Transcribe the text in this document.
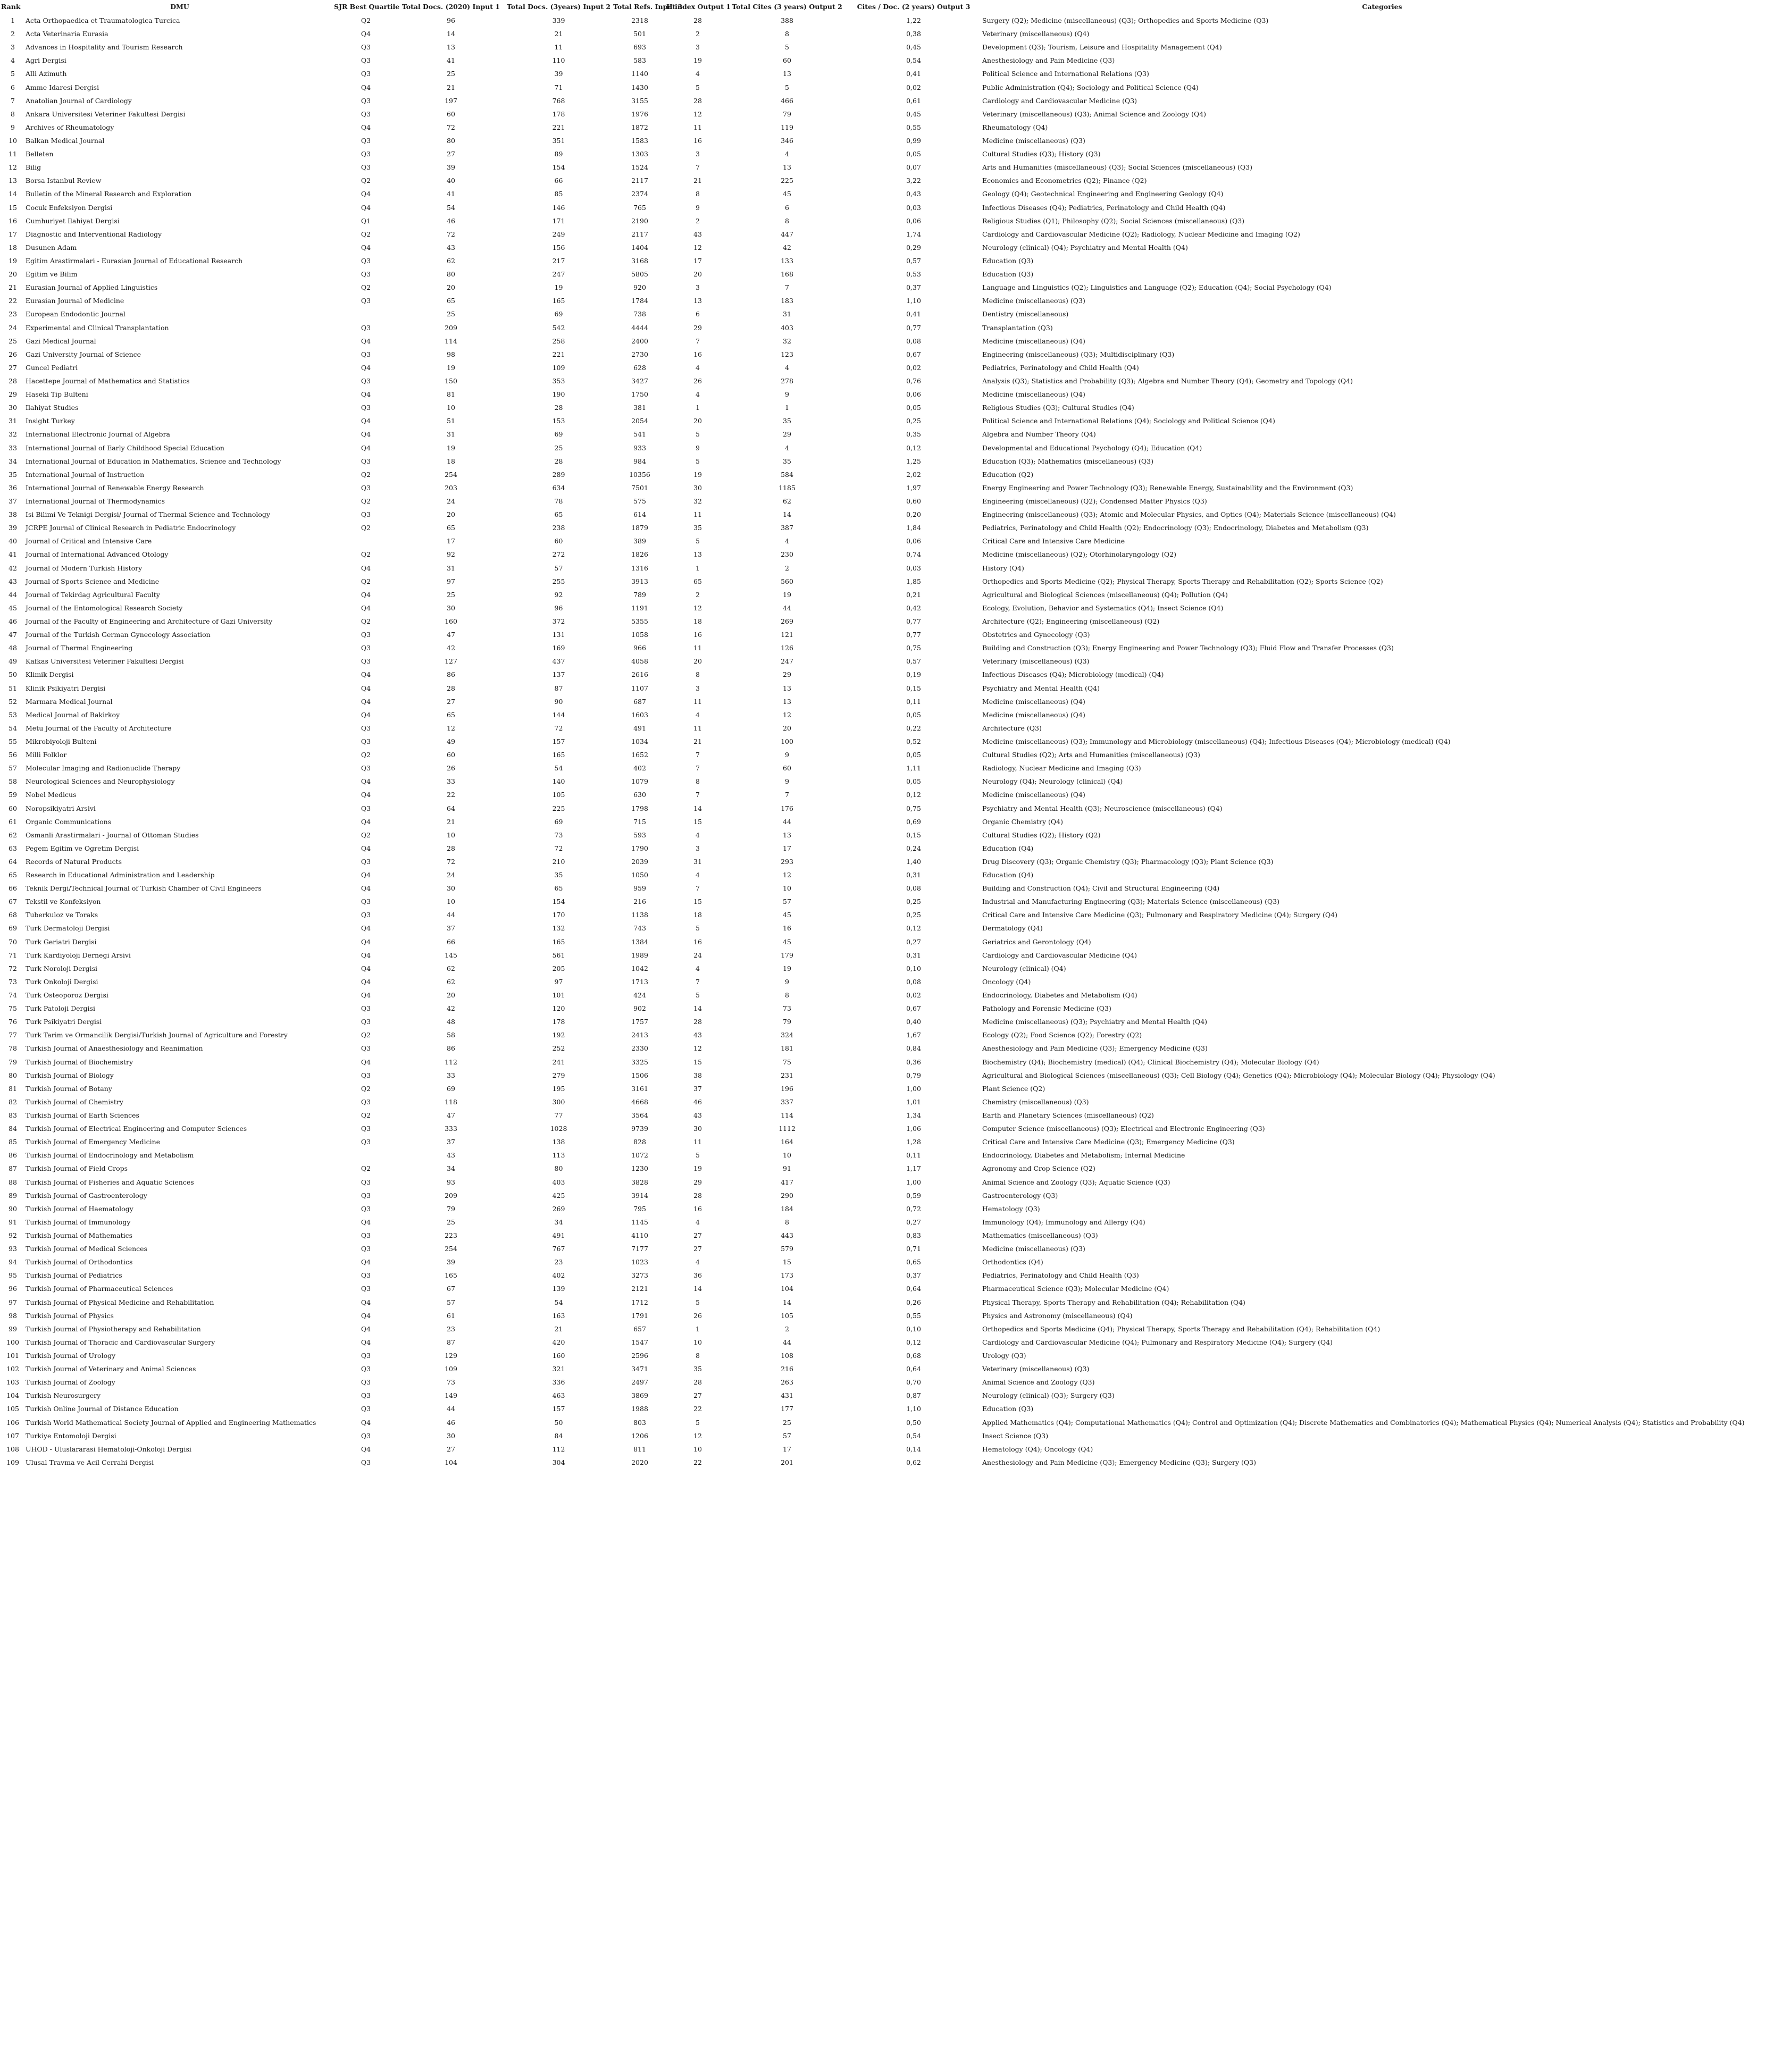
Rank	DMU	SJR Best Quartile	Total Docs. (2020) Input 1	Total Docs. (3years) Input 2	Total Refs. Input 3	H index Output 1	Total Cites (3 years) Output 2	Cites / Doc. (2 years) Output 3	Categories
1	Acta Orthopaedica et Traumatologica Turcica	Q2	96	339	2318	28	388	1,22	Surgery (Q2); Medicine (miscellaneous) (Q3); Orthopedics and Sports Medicine (Q3)
2	Acta Veterinaria Eurasia	Q4	14	21	501	2	8	0,38	Veterinary (miscellaneous) (Q4)
3	Advances in Hospitality and Tourism Research	Q3	13	11	693	3	5	0,45	Development (Q3); Tourism, Leisure and Hospitality Management (Q4)
4	Agri Dergisi	Q3	41	110	583	19	60	0,54	Anesthesiology and Pain Medicine (Q3)
5	Alli Azimuth	Q3	25	39	1140	4	13	0,41	Political Science and International Relations (Q3)
6	Amme Idaresi Dergisi	Q4	21	71	1430	5	5	0,02	Public Administration (Q4); Sociology and Political Science (Q4)
7	Anatolian Journal of Cardiology	Q3	197	768	3155	28	466	0,61	Cardiology and Cardiovascular Medicine (Q3)
8	Ankara Universitesi Veteriner Fakultesi Dergisi	Q3	60	178	1976	12	79	0,45	Veterinary (miscellaneous) (Q3); Animal Science and Zoology (Q4)
9	Archives of Rheumatology	Q4	72	221	1872	11	119	0,55	Rheumatology (Q4)
10	Balkan Medical Journal	Q3	80	351	1583	16	346	0,99	Medicine (miscellaneous) (Q3)
11	Belleten	Q3	27	89	1303	3	4	0,05	Cultural Studies (Q3); History (Q3)
12	Bilig	Q3	39	154	1524	7	13	0,07	Arts and Humanities (miscellaneous) (Q3); Social Sciences (miscellaneous) (Q3)
13	Borsa Istanbul Review	Q2	40	66	2117	21	225	3,22	Economics and Econometrics (Q2); Finance (Q2)
14	Bulletin of the Mineral Research and Exploration	Q4	41	85	2374	8	45	0,43	Geology (Q4); Geotechnical Engineering and Engineering Geology (Q4)
15	Cocuk Enfeksiyon Dergisi	Q4	54	146	765	9	6	0,03	Infectious Diseases (Q4); Pediatrics, Perinatology and Child Health (Q4)
16	Cumhuriyet Ilahiyat Dergisi	Q1	46	171	2190	2	8	0,06	Religious Studies (Q1); Philosophy (Q2); Social Sciences (miscellaneous) (Q3)
17	Diagnostic and Interventional Radiology	Q2	72	249	2117	43	447	1,74	Cardiology and Cardiovascular Medicine (Q2); Radiology, Nuclear Medicine and Imaging (Q2)
18	Dusunen Adam	Q4	43	156	1404	12	42	0,29	Neurology (clinical) (Q4); Psychiatry and Mental Health (Q4)
19	Egitim Arastirmalari - Eurasian Journal of Educational Research	Q3	62	217	3168	17	133	0,57	Education (Q3)
20	Egitim ve Bilim	Q3	80	247	5805	20	168	0,53	Education (Q3)
21	Eurasian Journal of Applied Linguistics	Q2	20	19	920	3	7	0,37	Language and Linguistics (Q2); Linguistics and Language (Q2); Education (Q4); Social Psychology (Q4)
22	Eurasian Journal of Medicine	Q3	65	165	1784	13	183	1,10	Medicine (miscellaneous) (Q3)
23	European Endodontic Journal		25	69	738	6	31	0,41	Dentistry (miscellaneous)
24	Experimental and Clinical Transplantation	Q3	209	542	4444	29	403	0,77	Transplantation (Q3)
25	Gazi Medical Journal	Q4	114	258	2400	7	32	0,08	Medicine (miscellaneous) (Q4)
26	Gazi University Journal of Science	Q3	98	221	2730	16	123	0,67	Engineering (miscellaneous) (Q3); Multidisciplinary (Q3)
27	Guncel Pediatri	Q4	19	109	628	4	4	0,02	Pediatrics, Perinatology and Child Health (Q4)
28	Hacettepe Journal of Mathematics and Statistics	Q3	150	353	3427	26	278	0,76	Analysis (Q3); Statistics and Probability (Q3); Algebra and Number Theory (Q4); Geometry and Topology (Q4)
29	Haseki Tip Bulteni	Q4	81	190	1750	4	9	0,06	Medicine (miscellaneous) (Q4)
30	Ilahiyat Studies	Q3	10	28	381	1	1	0,05	Religious Studies (Q3); Cultural Studies (Q4)
31	Insight Turkey	Q4	51	153	2054	20	35	0,25	Political Science and International Relations (Q4); Sociology and Political Science (Q4)
32	International Electronic Journal of Algebra	Q4	31	69	541	5	29	0,35	Algebra and Number Theory (Q4)
33	International Journal of Early Childhood Special Education	Q4	19	25	933	9	4	0,12	Developmental and Educational Psychology (Q4); Education (Q4)
34	International Journal of Education in Mathematics, Science and Technology	Q3	18	28	984	5	35	1,25	Education (Q3); Mathematics (miscellaneous) (Q3)
35	International Journal of Instruction	Q2	254	289	10356	19	584	2,02	Education (Q2)
36	International Journal of Renewable Energy Research	Q3	203	634	7501	30	1185	1,97	Energy Engineering and Power Technology (Q3); Renewable Energy, Sustainability and the Environment (Q3)
37	International Journal of Thermodynamics	Q2	24	78	575	32	62	0,60	Engineering (miscellaneous) (Q2); Condensed Matter Physics (Q3)
38	Isi Bilimi Ve Teknigi Dergisi/ Journal of Thermal Science and Technology	Q3	20	65	614	11	14	0,20	Engineering (miscellaneous) (Q3); Atomic and Molecular Physics, and Optics (Q4); Materials Science (miscellaneous) (Q4)
39	JCRPE Journal of Clinical Research in Pediatric Endocrinology	Q2	65	238	1879	35	387	1,84	Pediatrics, Perinatology and Child Health (Q2); Endocrinology (Q3); Endocrinology, Diabetes and Metabolism (Q3)
40	Journal of Critical and Intensive Care		17	60	389	5	4	0,06	Critical Care and Intensive Care Medicine
41	Journal of International Advanced Otology	Q2	92	272	1826	13	230	0,74	Medicine (miscellaneous) (Q2); Otorhinolaryngology (Q2)
42	Journal of Modern Turkish History	Q4	31	57	1316	1	2	0,03	History (Q4)
43	Journal of Sports Science and Medicine	Q2	97	255	3913	65	560	1,85	Orthopedics and Sports Medicine (Q2); Physical Therapy, Sports Therapy and Rehabilitation (Q2); Sports Science (Q2)
44	Journal of Tekirdag Agricultural Faculty	Q4	25	92	789	2	19	0,21	Agricultural and Biological Sciences (miscellaneous) (Q4); Pollution (Q4)
45	Journal of the Entomological Research Society	Q4	30	96	1191	12	44	0,42	Ecology, Evolution, Behavior and Systematics (Q4); Insect Science (Q4)
46	Journal of the Faculty of Engineering and Architecture of Gazi University	Q2	160	372	5355	18	269	0,77	Architecture (Q2); Engineering (miscellaneous) (Q2)
47	Journal of the Turkish German Gynecology Association	Q3	47	131	1058	16	121	0,77	Obstetrics and Gynecology (Q3)
48	Journal of Thermal Engineering	Q3	42	169	966	11	126	0,75	Building and Construction (Q3); Energy Engineering and Power Technology (Q3); Fluid Flow and Transfer Processes (Q3)
49	Kafkas Universitesi Veteriner Fakultesi Dergisi	Q3	127	437	4058	20	247	0,57	Veterinary (miscellaneous) (Q3)
50	Klimik Dergisi	Q4	86	137	2616	8	29	0,19	Infectious Diseases (Q4); Microbiology (medical) (Q4)
51	Klinik Psikiyatri Dergisi	Q4	28	87	1107	3	13	0,15	Psychiatry and Mental Health (Q4)
52	Marmara Medical Journal	Q4	27	90	687	11	13	0,11	Medicine (miscellaneous) (Q4)
53	Medical Journal of Bakirkoy	Q4	65	144	1603	4	12	0,05	Medicine (miscellaneous) (Q4)
54	Metu Journal of the Faculty of Architecture	Q3	12	72	491	11	20	0,22	Architecture (Q3)
55	Mikrobiyoloji Bulteni	Q3	49	157	1034	21	100	0,52	Medicine (miscellaneous) (Q3); Immunology and Microbiology (miscellaneous) (Q4); Infectious Diseases (Q4); Microbiology (medical) (Q4)
56	Milli Folklor	Q2	60	165	1652	7	9	0,05	Cultural Studies (Q2); Arts and Humanities (miscellaneous) (Q3)
57	Molecular Imaging and Radionuclide Therapy	Q3	26	54	402	7	60	1,11	Radiology, Nuclear Medicine and Imaging (Q3)
58	Neurological Sciences and Neurophysiology	Q4	33	140	1079	8	9	0,05	Neurology (Q4); Neurology (clinical) (Q4)
59	Nobel Medicus	Q4	22	105	630	7	7	0,12	Medicine (miscellaneous) (Q4)
60	Noropsikiyatri Arsivi	Q3	64	225	1798	14	176	0,75	Psychiatry and Mental Health (Q3); Neuroscience (miscellaneous) (Q4)
61	Organic Communications	Q4	21	69	715	15	44	0,69	Organic Chemistry (Q4)
62	Osmanli Arastirmalari - Journal of Ottoman Studies	Q2	10	73	593	4	13	0,15	Cultural Studies (Q2); History (Q2)
63	Pegem Egitim ve Ogretim Dergisi	Q4	28	72	1790	3	17	0,24	Education (Q4)
64	Records of Natural Products	Q3	72	210	2039	31	293	1,40	Drug Discovery (Q3); Organic Chemistry (Q3); Pharmacology (Q3); Plant Science (Q3)
65	Research in Educational Administration and Leadership	Q4	24	35	1050	4	12	0,31	Education (Q4)
66	Teknik Dergi/Technical Journal of Turkish Chamber of Civil Engineers	Q4	30	65	959	7	10	0,08	Building and Construction (Q4); Civil and Structural Engineering (Q4)
67	Tekstil ve Konfeksiyon	Q3	10	154	216	15	57	0,25	Industrial and Manufacturing Engineering (Q3); Materials Science (miscellaneous) (Q3)
68	Tuberkuloz ve Toraks	Q3	44	170	1138	18	45	0,25	Critical Care and Intensive Care Medicine (Q3); Pulmonary and Respiratory Medicine (Q4); Surgery (Q4)
69	Turk Dermatoloji Dergisi	Q4	37	132	743	5	16	0,12	Dermatology (Q4)
70	Turk Geriatri Dergisi	Q4	66	165	1384	16	45	0,27	Geriatrics and Gerontology (Q4)
71	Turk Kardiyoloji Dernegi Arsivi	Q4	145	561	1989	24	179	0,31	Cardiology and Cardiovascular Medicine (Q4)
72	Turk Noroloji Dergisi	Q4	62	205	1042	4	19	0,10	Neurology (clinical) (Q4)
73	Turk Onkoloji Dergisi	Q4	62	97	1713	7	9	0,08	Oncology (Q4)
74	Turk Osteoporoz Dergisi	Q4	20	101	424	5	8	0,02	Endocrinology, Diabetes and Metabolism (Q4)
75	Turk Patoloji Dergisi	Q3	42	120	902	14	73	0,67	Pathology and Forensic Medicine (Q3)
76	Turk Psikiyatri Dergisi	Q3	48	178	1757	28	79	0,40	Medicine (miscellaneous) (Q3); Psychiatry and Mental Health (Q4)
77	Turk Tarim ve Ormancilik Dergisi/Turkish Journal of Agriculture and Forestry	Q2	58	192	2413	43	324	1,67	Ecology (Q2); Food Science (Q2); Forestry (Q2)
78	Turkish Journal of Anaesthesiology and Reanimation	Q3	86	252	2330	12	181	0,84	Anesthesiology and Pain Medicine (Q3); Emergency Medicine (Q3)
79	Turkish Journal of Biochemistry	Q4	112	241	3325	15	75	0,36	Biochemistry (Q4); Biochemistry (medical) (Q4); Clinical Biochemistry (Q4); Molecular Biology (Q4)
80	Turkish Journal of Biology	Q3	33	279	1506	38	231	0,79	Agricultural and Biological Sciences (miscellaneous) (Q3); Cell Biology (Q4); Genetics (Q4); Microbiology (Q4); Molecular Biology (Q4); Physiology (Q4)
81	Turkish Journal of Botany	Q2	69	195	3161	37	196	1,00	Plant Science (Q2)
82	Turkish Journal of Chemistry	Q3	118	300	4668	46	337	1,01	Chemistry (miscellaneous) (Q3)
83	Turkish Journal of Earth Sciences	Q2	47	77	3564	43	114	1,34	Earth and Planetary Sciences (miscellaneous) (Q2)
84	Turkish Journal of Electrical Engineering and Computer Sciences	Q3	333	1028	9739	30	1112	1,06	Computer Science (miscellaneous) (Q3); Electrical and Electronic Engineering (Q3)
85	Turkish Journal of Emergency Medicine	Q3	37	138	828	11	164	1,28	Critical Care and Intensive Care Medicine (Q3); Emergency Medicine (Q3)
86	Turkish Journal of Endocrinology and Metabolism		43	113	1072	5	10	0,11	Endocrinology, Diabetes and Metabolism; Internal Medicine
87	Turkish Journal of Field Crops	Q2	34	80	1230	19	91	1,17	Agronomy and Crop Science (Q2)
88	Turkish Journal of Fisheries and Aquatic Sciences	Q3	93	403	3828	29	417	1,00	Animal Science and Zoology (Q3); Aquatic Science (Q3)
89	Turkish Journal of Gastroenterology	Q3	209	425	3914	28	290	0,59	Gastroenterology (Q3)
90	Turkish Journal of Haematology	Q3	79	269	795	16	184	0,72	Hematology (Q3)
91	Turkish Journal of Immunology	Q4	25	34	1145	4	8	0,27	Immunology (Q4); Immunology and Allergy (Q4)
92	Turkish Journal of Mathematics	Q3	223	491	4110	27	443	0,83	Mathematics (miscellaneous) (Q3)
93	Turkish Journal of Medical Sciences	Q3	254	767	7177	27	579	0,71	Medicine (miscellaneous) (Q3)
94	Turkish Journal of Orthodontics	Q4	39	23	1023	4	15	0,65	Orthodontics (Q4)
95	Turkish Journal of Pediatrics	Q3	165	402	3273	36	173	0,37	Pediatrics, Perinatology and Child Health (Q3)
96	Turkish Journal of Pharmaceutical Sciences	Q3	67	139	2121	14	104	0,64	Pharmaceutical Science (Q3); Molecular Medicine (Q4)
97	Turkish Journal of Physical Medicine and Rehabilitation	Q4	57	54	1712	5	14	0,26	Physical Therapy, Sports Therapy and Rehabilitation (Q4); Rehabilitation (Q4)
98	Turkish Journal of Physics	Q4	61	163	1791	26	105	0,55	Physics and Astronomy (miscellaneous) (Q4)
99	Turkish Journal of Physiotherapy and Rehabilitation	Q4	23	21	657	1	2	0,10	Orthopedics and Sports Medicine (Q4); Physical Therapy, Sports Therapy and Rehabilitation (Q4); Rehabilitation (Q4)
100	Turkish Journal of Thoracic and Cardiovascular Surgery	Q4	87	420	1547	10	44	0,12	Cardiology and Cardiovascular Medicine (Q4); Pulmonary and Respiratory Medicine (Q4); Surgery (Q4)
101	Turkish Journal of Urology	Q3	129	160	2596	8	108	0,68	Urology (Q3)
102	Turkish Journal of Veterinary and Animal Sciences	Q3	109	321	3471	35	216	0,64	Veterinary (miscellaneous) (Q3)
103	Turkish Journal of Zoology	Q3	73	336	2497	28	263	0,70	Animal Science and Zoology (Q3)
104	Turkish Neurosurgery	Q3	149	463	3869	27	431	0,87	Neurology (clinical) (Q3); Surgery (Q3)
105	Turkish Online Journal of Distance Education	Q3	44	157	1988	22	177	1,10	Education (Q3)
106	Turkish World Mathematical Society Journal of Applied and Engineering Mathematics	Q4	46	50	803	5	25	0,50	Applied Mathematics (Q4); Computational Mathematics (Q4); Control and Optimization (Q4); Discrete Mathematics and Combinatorics (Q4); Mathematical Physics (Q4); Numerical Analysis (Q4); Statistics and Probability (Q4)
107	Turkiye Entomoloji Dergisi	Q3	30	84	1206	12	57	0,54	Insect Science (Q3)
108	UHOD - Uluslararasi Hematoloji-Onkoloji Dergisi	Q4	27	112	811	10	17	0,14	Hematology (Q4); Oncology (Q4)
109	Ulusal Travma ve Acil Cerrahi Dergisi	Q3	104	304	2020	22	201	0,62	Anesthesiology and Pain Medicine (Q3); Emergency Medicine (Q3); Surgery (Q3)
